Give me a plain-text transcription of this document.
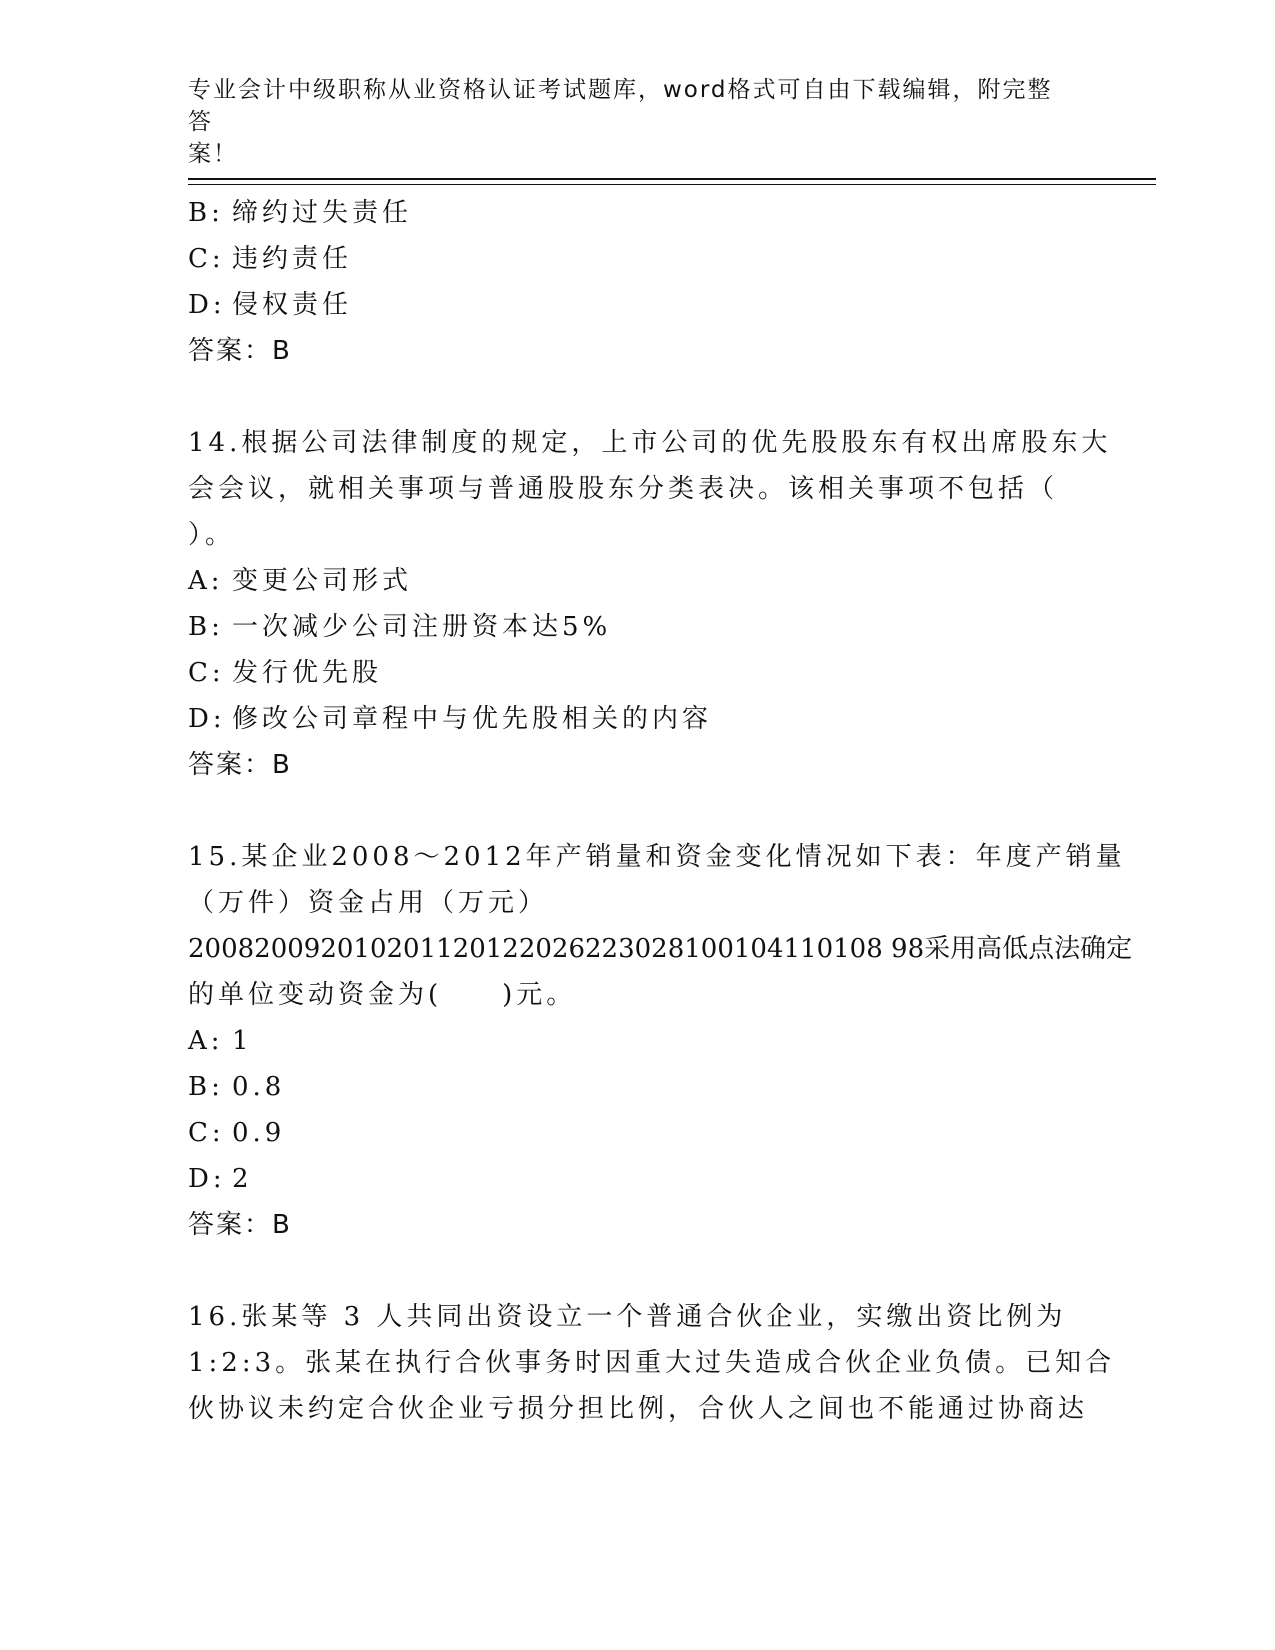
专业会计中级职称从业资格认证考试题库，word格式可自由下载编辑，附完整答
案！
B: 缔约过失责任
C: 违约责任
D: 侵权责任
答案：B
14.根据公司法律制度的规定，上市公司的优先股股东有权出席股东大
会会议，就相关事项与普通股股东分类表决。该相关事项不包括（
）。
A: 变更公司形式
B: 一次减少公司注册资本达5%
C: 发行优先股
D: 修改公司章程中与优先股相关的内容
答案：B
15.某企业2008～2012年产销量和资金变化情况如下表：年度产销量
（万件）资金占用（万元）
200820092010201120122026223028100104110108 98采用高低点法确定
的单位变动资金为(　　)元。
A: 1
B: 0.8
C: 0.9
D: 2
答案：B
16.张某等 3 人共同出资设立一个普通合伙企业，实缴出资比例为
1:2:3。张某在执行合伙事务时因重大过失造成合伙企业负债。已知合
伙协议未约定合伙企业亏损分担比例，合伙人之间也不能通过协商达
